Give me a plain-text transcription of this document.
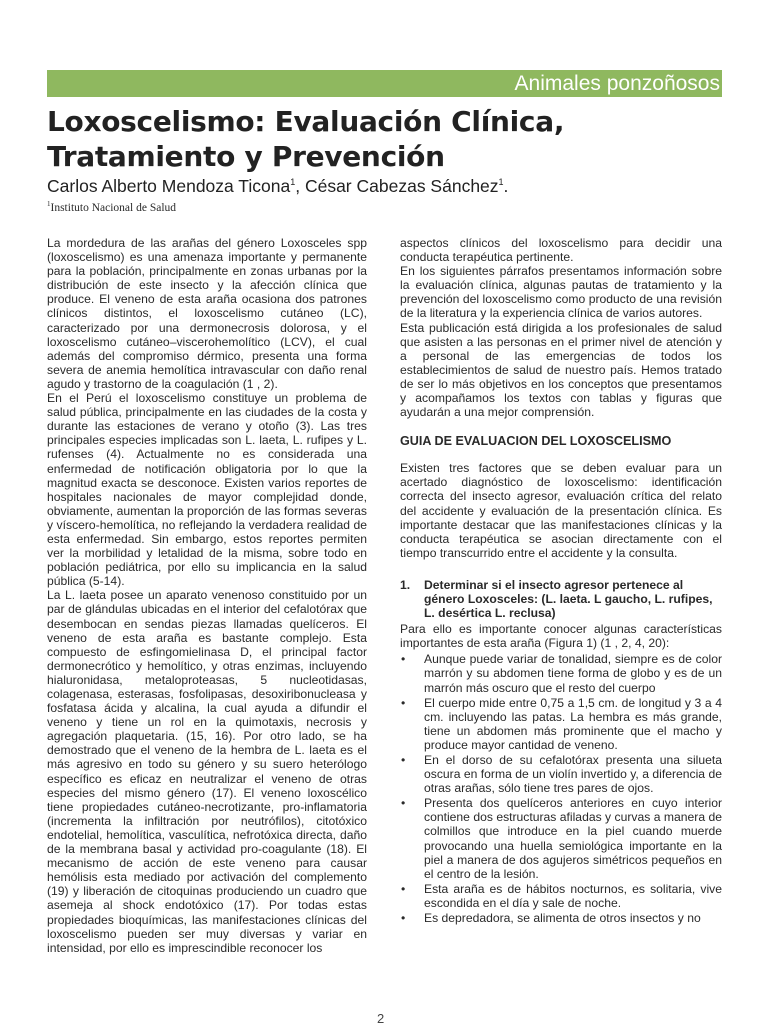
Animales ponzoñosos
Loxoscelismo: Evaluación Clínica,
Tratamiento y Prevención
Carlos Alberto Mendoza Ticona$^1$, César Cabezas Sánchez$^1$.
$^1$Instituto Nacional de Salud

La mordedura de las arañas del género Loxosceles spp (loxoscelismo) es una amenaza importante y permanente para la población, principalmente en zonas urbanas por la distribución de este insecto y la afección clínica que produce. El veneno de esta araña ocasiona dos patrones clínicos distintos, el loxoscelismo cutáneo (LC), caracterizado por una dermonecrosis dolorosa, y el loxoscelismo cutáneo–viscerohemolítico (LCV), el cual además del compromiso dérmico, presenta una forma severa de anemia hemolítica intravascular con daño renal agudo y trastorno de la coagulación (1 , 2).

En el Perú el loxoscelismo constituye un problema de salud pública, principalmente en las ciudades de la costa y durante las estaciones de verano y otoño (3). Las tres principales especies implicadas son L. laeta, L. rufipes y L. rufenses (4). Actualmente no es considerada una enfermedad de notificación obligatoria por lo que la magnitud exacta se desconoce. Existen varios reportes de hospitales nacionales de mayor complejidad donde, obviamente, aumentan la proporción de las formas severas y víscero-hemolítica, no reflejando la verdadera realidad de esta enfermedad. Sin embargo, estos reportes permiten ver la morbilidad y letalidad de la misma, sobre todo en población pediátrica, por ello su implicancia en la salud pública (5-14).

La L. laeta posee un aparato venenoso constituido por un par de glándulas ubicadas en el interior del cefalotórax que desembocan en sendas piezas llamadas quelíceros. El veneno de esta araña es bastante complejo. Esta compuesto de esfingomielinasa D, el principal factor dermonecrótico y hemolítico, y otras enzimas, incluyendo hialuronidasa, metaloproteasas, 5 nucleotidasas, colagenasa, esterasas, fosfolipasas, desoxiribonucleasa y fosfatasa ácida y alcalina, la cual ayuda a difundir el veneno y tiene un rol en la quimotaxis, necrosis y agregación plaquetaria. (15, 16). Por otro lado, se ha demostrado que el veneno de la hembra de L. laeta es el más agresivo en todo su género y su suero heterólogo específico es eficaz en neutralizar el veneno de otras especies del mismo género (17). El veneno loxoscélico tiene propiedades cutáneo-necrotizante, pro-inflamatoria (incrementa la infiltración por neutrófilos), citotóxico endotelial, hemolítica, vasculítica, nefrotóxica directa, daño de la membrana basal y actividad pro-coagulante (18). El mecanismo de acción de este veneno para causar hemólisis esta mediado por activación del complemento (19) y liberación de citoquinas produciendo un cuadro que asemeja al shock endotóxico (17). Por todas estas propiedades bioquímicas, las manifestaciones clínicas del loxoscelismo pueden ser muy diversas y variar en intensidad, por ello es imprescindible reconocer los

aspectos clínicos del loxoscelismo para decidir una conducta terapéutica pertinente.

En los siguientes párrafos presentamos información sobre la evaluación clínica, algunas pautas de tratamiento y la prevención del loxoscelismo como producto de una revisión de la literatura y la experiencia clínica de varios autores.

Esta publicación está dirigida a los profesionales de salud que asisten a las personas en el primer nivel de atención y a personal de las emergencias de todos los establecimientos de salud de nuestro país. Hemos tratado de ser lo más objetivos en los conceptos que presentamos y acompañamos los textos con tablas y figuras que ayudarán a una mejor comprensión.

GUIA DE EVALUACION DEL LOXOSCELISMO

Existen tres factores que se deben evaluar para un acertado diagnóstico de loxoscelismo: identificación correcta del insecto agresor, evaluación crítica del relato del accidente y evaluación de la presentación clínica. Es importante destacar que las manifestaciones clínicas y la conducta terapéutica se asocian directamente con el tiempo transcurrido entre el accidente y la consulta.

1.	Determinar si el insecto agresor pertenece al género Loxosceles: (L. laeta. L gaucho, L. rufipes, L. desértica L. reclusa)

Para ello es importante conocer algunas características importantes de esta araña (Figura 1) (1 , 2, 4, 20):

• Aunque puede variar de tonalidad, siempre es de color marrón y su abdomen tiene forma de globo y es de un marrón más oscuro que el resto del cuerpo
• El cuerpo mide entre 0,75 a 1,5 cm. de longitud y 3 a 4 cm. incluyendo las patas. La hembra es más grande, tiene un abdomen más prominente que el macho y produce mayor cantidad de veneno.
• En el dorso de su cefalotórax presenta una silueta oscura en forma de un violín invertido y, a diferencia de otras arañas, sólo tiene tres pares de ojos.
• Presenta dos quelíceros anteriores en cuyo interior contiene dos estructuras afiladas y curvas a manera de colmillos que introduce en la piel cuando muerde provocando una huella semiológica importante en la piel a manera de dos agujeros simétricos pequeños en el centro de la lesión.
• Esta araña es de hábitos nocturnos, es solitaria, vive escondida en el día y sale de noche.
• Es depredadora, se alimenta de otros insectos y no
2
